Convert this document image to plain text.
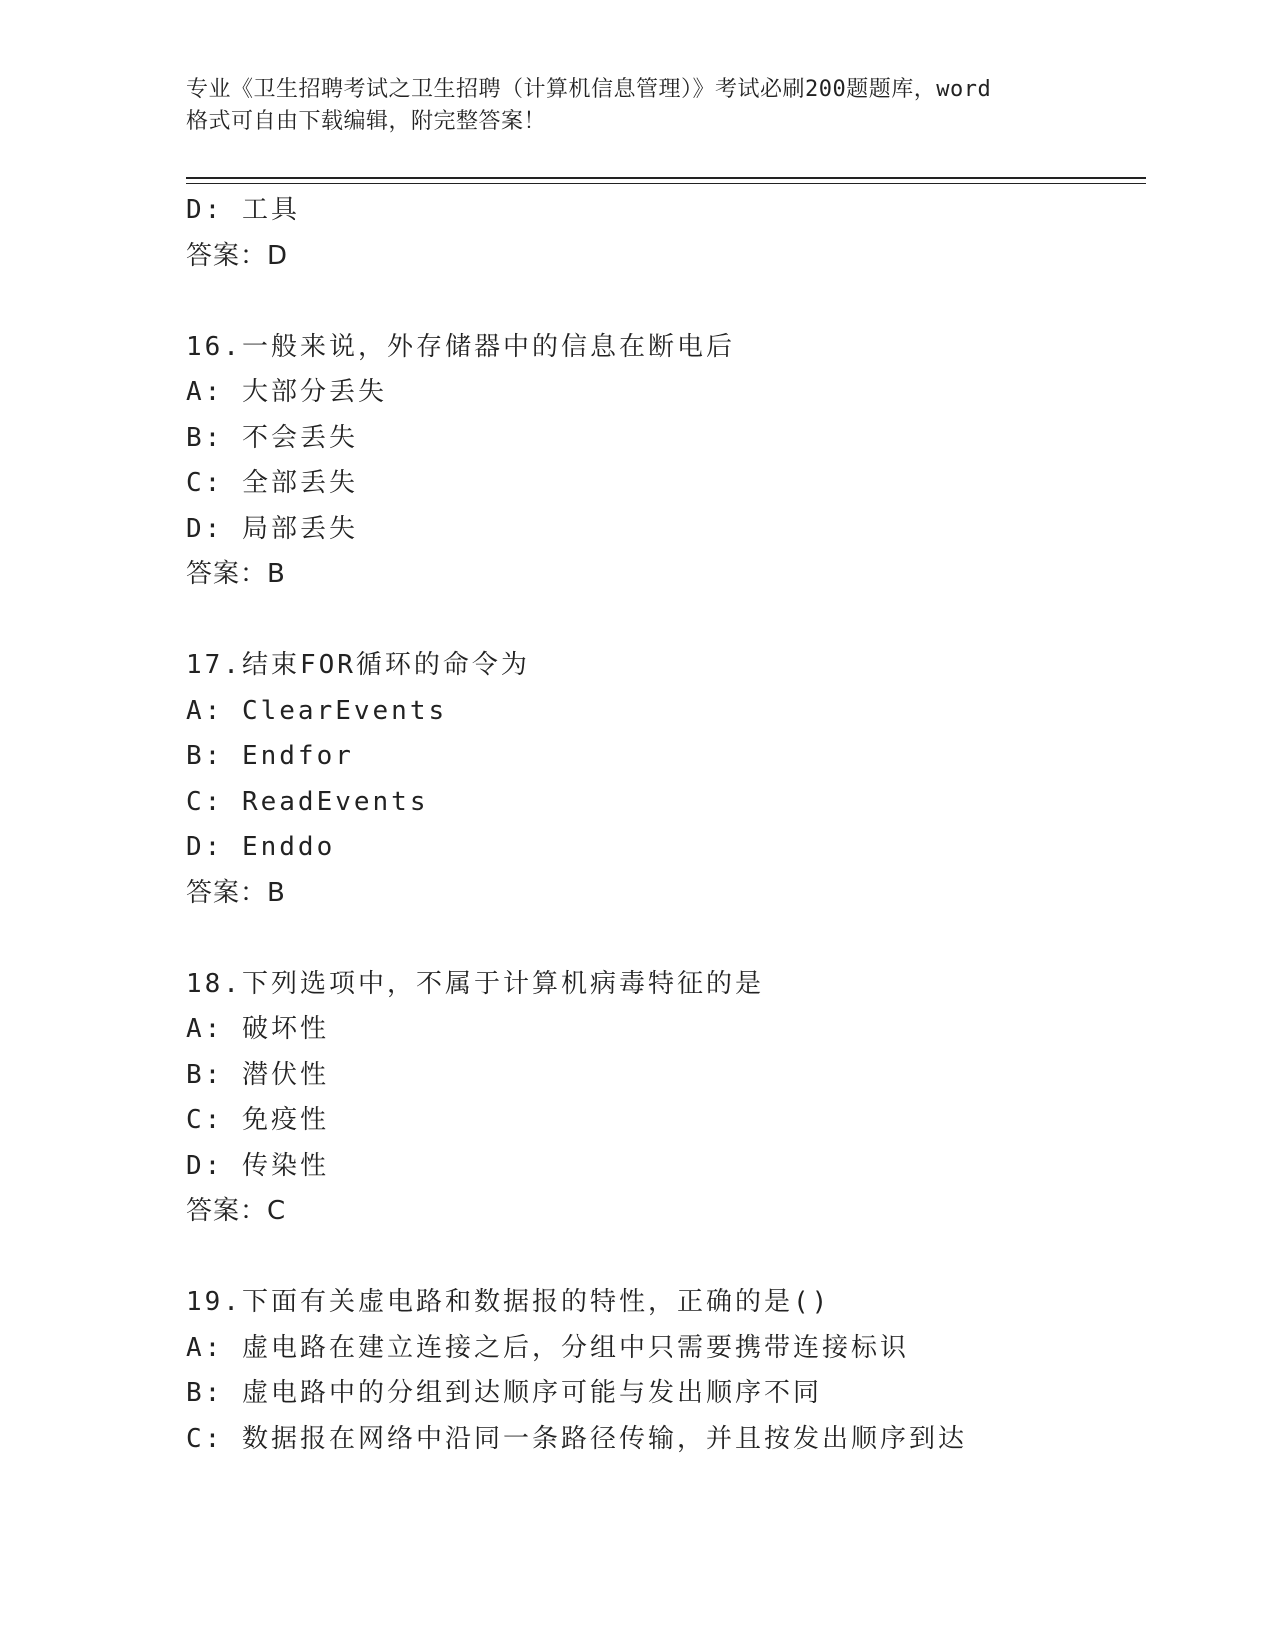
专业《卫生招聘考试之卫生招聘（计算机信息管理）》考试必刷200题题库，word
格式可自由下载编辑，附完整答案！
D: 工具
答案：D
16.一般来说，外存储器中的信息在断电后
A: 大部分丢失
B: 不会丢失
C: 全部丢失
D: 局部丢失
答案：B
17.结束FOR循环的命令为
A: ClearEvents
B: Endfor
C: ReadEvents
D: Enddo
答案：B
18.下列选项中，不属于计算机病毒特征的是
A: 破坏性
B: 潜伏性
C: 免疫性
D: 传染性
答案：C
19.下面有关虚电路和数据报的特性，正确的是()
A: 虚电路在建立连接之后，分组中只需要携带连接标识
B: 虚电路中的分组到达顺序可能与发出顺序不同
C: 数据报在网络中沿同一条路径传输，并且按发出顺序到达
